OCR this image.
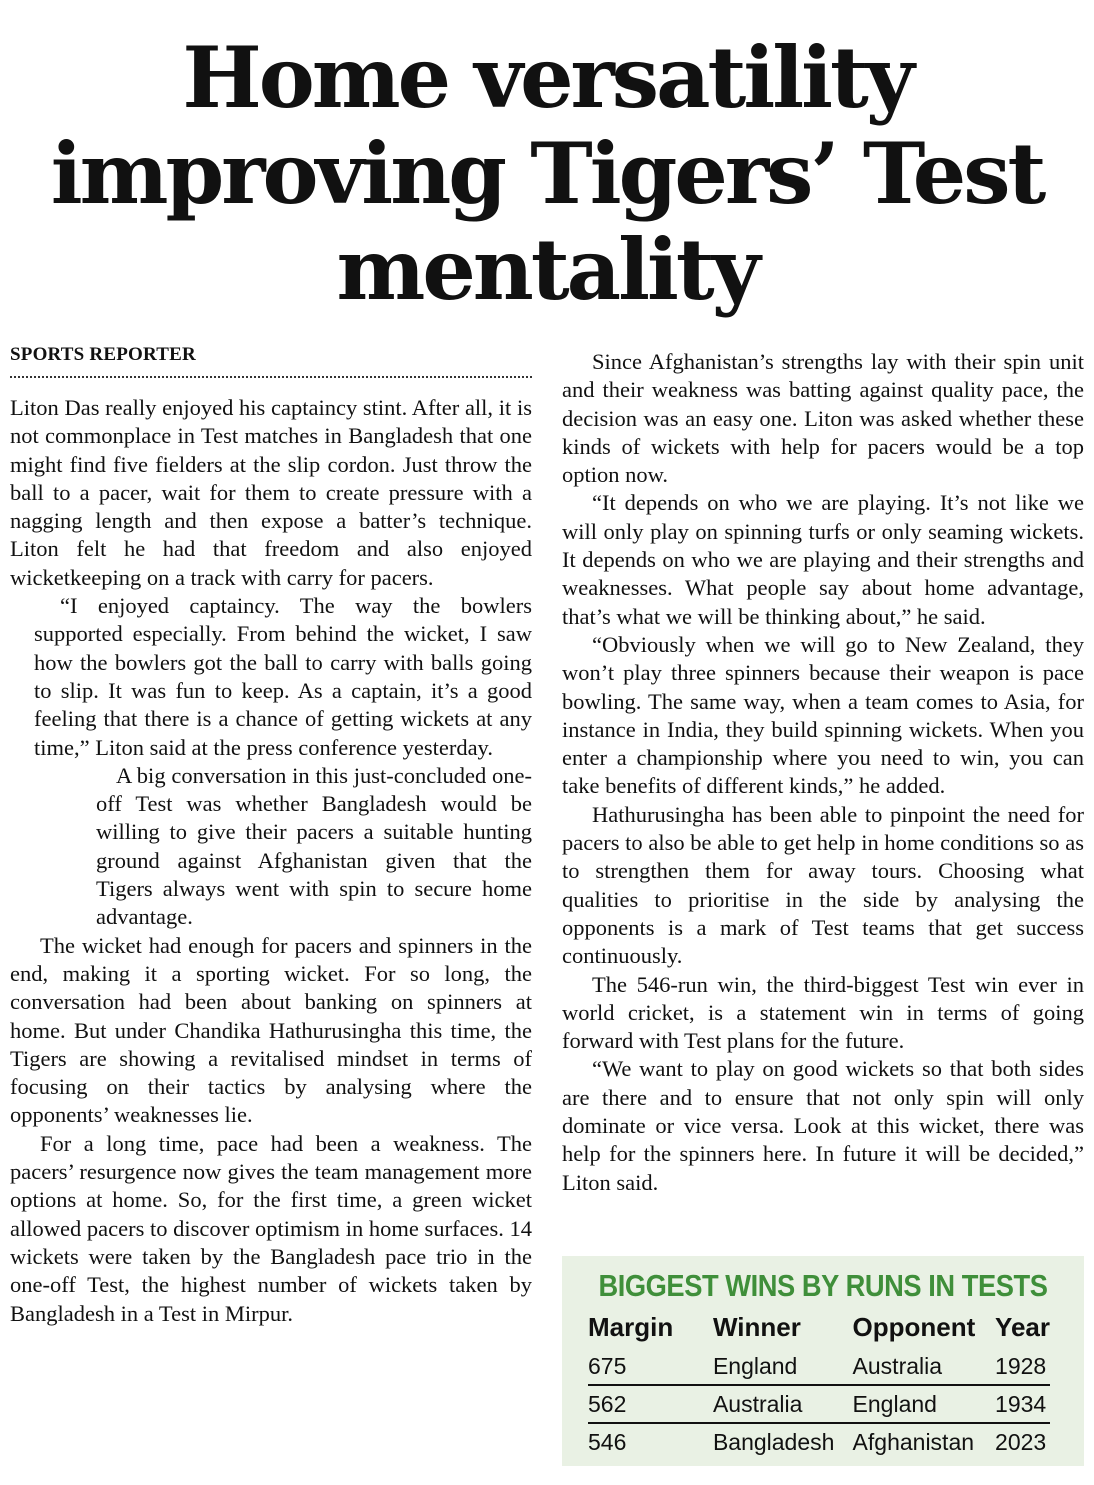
Home versatility
improving Tigers’ Test
mentality
SPORTS REPORTER

Liton Das really enjoyed his captaincy stint. After all, it is not commonplace in Test matches in Bangladesh that one might find five fielders at the slip cordon. Just throw the ball to a pacer, wait for them to create pressure with a nagging length and then expose a batter’s technique. Liton felt he had that freedom and also enjoyed wicketkeeping on a track with carry for pacers.

“I enjoyed captaincy. The way the bowlers supported especially. From behind the wicket, I saw how the bowlers got the ball to carry with balls going to slip. It was fun to keep. As a captain, it’s a good feeling that there is a chance of getting wickets at any time,” Liton said at the press conference yesterday.

A big conversation in this just-concluded one-off Test was whether Bangladesh would be willing to give their pacers a suitable hunting ground against Afghanistan given that the Tigers always went with spin to secure home advantage.

The wicket had enough for pacers and spinners in the end, making it a sporting wicket. For so long, the conversation had been about banking on spinners at home. But under Chandika Hathurusingha this time, the Tigers are showing a revitalised mindset in terms of focusing on their tactics by analysing where the opponents’ weaknesses lie.

For a long time, pace had been a weakness. The pacers’ resurgence now gives the team management more options at home. So, for the first time, a green wicket allowed pacers to discover optimism in home surfaces. 14 wickets were taken by the Bangladesh pace trio in the one-off Test, the highest number of wickets taken by Bangladesh in a Test in Mirpur.

Since Afghanistan’s strengths lay with their spin unit and their weakness was batting against quality pace, the decision was an easy one. Liton was asked whether these kinds of wickets with help for pacers would be a top option now.

“It depends on who we are playing. It’s not like we will only play on spinning turfs or only seaming wickets. It depends on who we are playing and their strengths and weaknesses. What people say about home advantage, that’s what we will be thinking about,” he said.

“Obviously when we will go to New Zealand, they won’t play three spinners because their weapon is pace bowling. The same way, when a team comes to Asia, for instance in India, they build spinning wickets. When you enter a championship where you need to win, you can take benefits of different kinds,” he added.

Hathurusingha has been able to pinpoint the need for pacers to also be able to get help in home conditions so as to strengthen them for away tours. Choosing what qualities to prioritise in the side by analysing the opponents is a mark of Test teams that get success continuously.

The 546-run win, the third-biggest Test win ever in world cricket, is a statement win in terms of going forward with Test plans for the future.

“We want to play on good wickets so that both sides are there and to ensure that not only spin will only dominate or vice versa. Look at this wicket, there was help for the spinners here. In future it will be decided,” Liton said.

BIGGEST WINS BY RUNS IN TESTS
Margin	Winner	Opponent	Year
675	England	Australia	1928
562	Australia	England	1934
546	Bangladesh	Afghanistan	2023
